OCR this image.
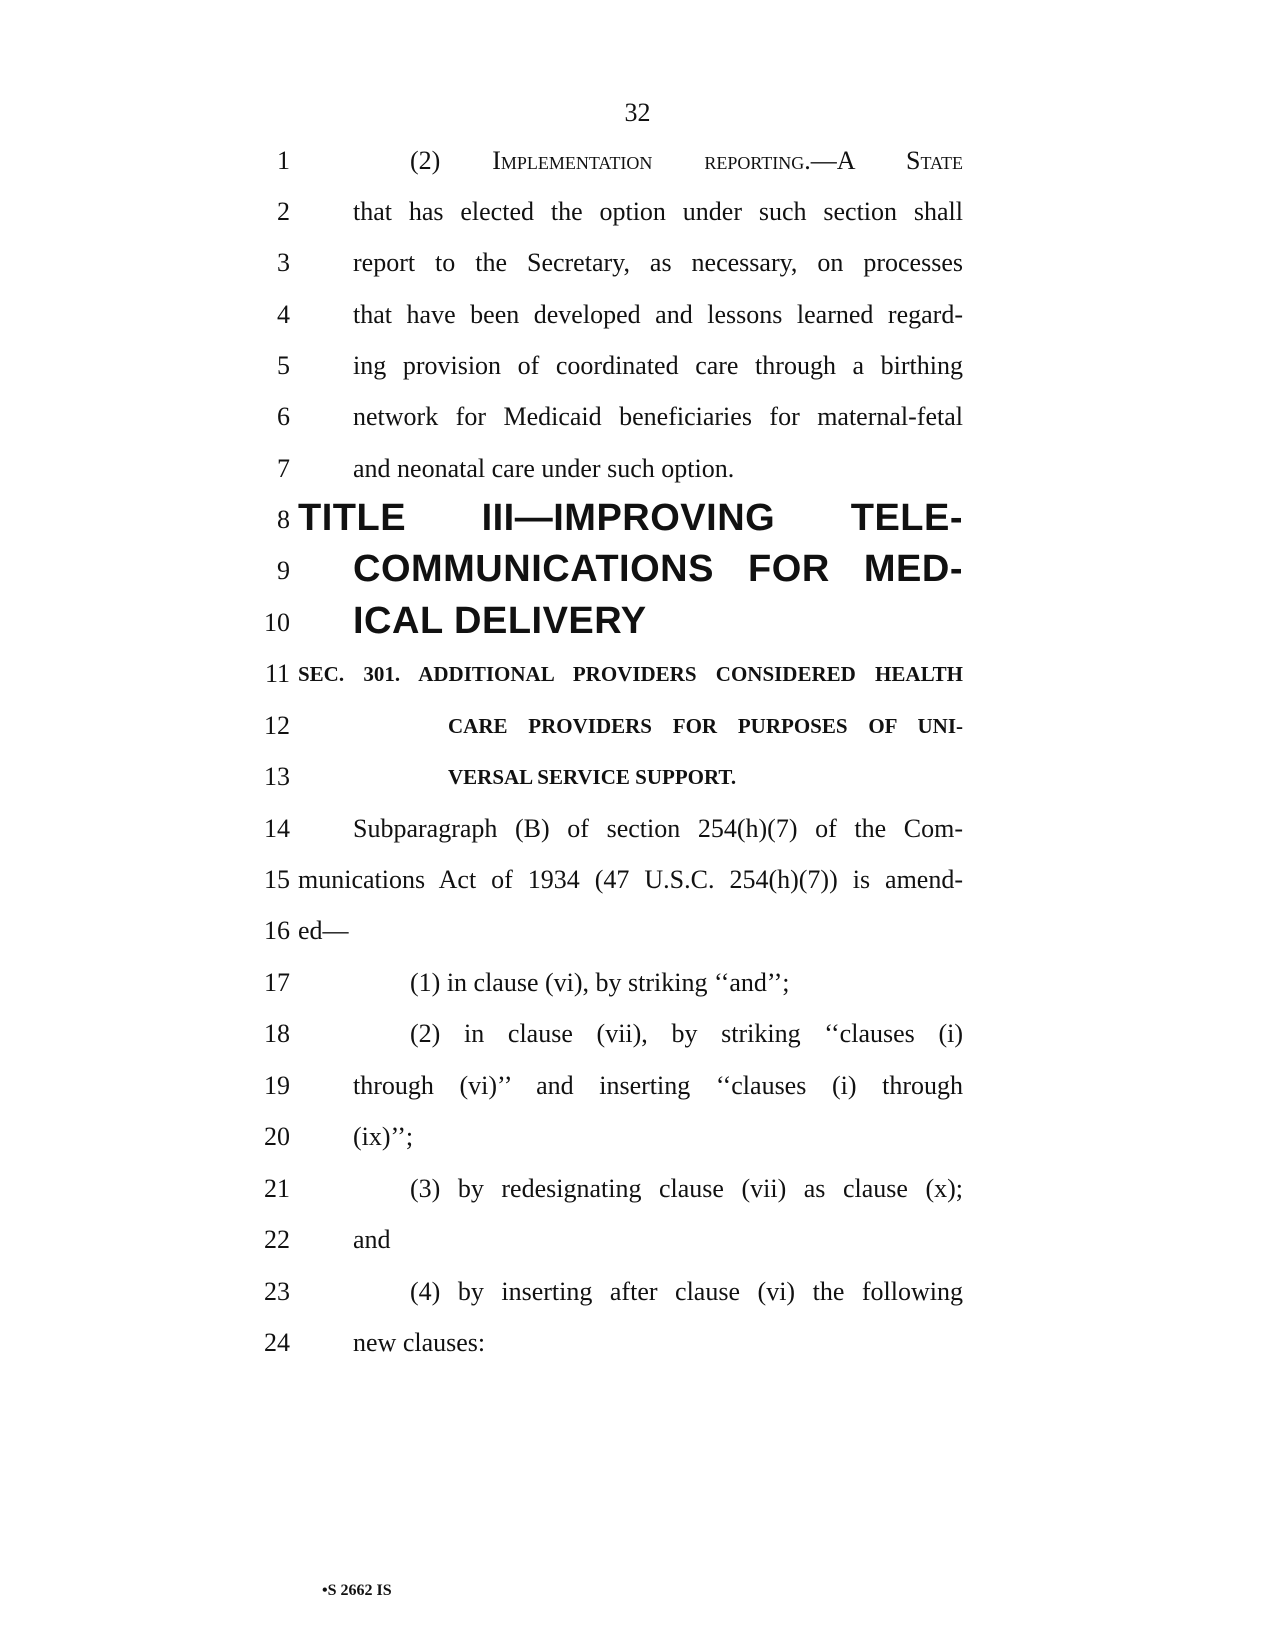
32
1	(2) Implementation reporting.—A State
2 that has elected the option under such section shall
3 report to the Secretary, as necessary, on processes
4 that have been developed and lessons learned regard-
5 ing provision of coordinated care through a birthing
6 network for Medicaid beneficiaries for maternal-fetal
7 and neonatal care under such option.
8 TITLE III—IMPROVING TELE-
9 COMMUNICATIONS FOR MED-
10 ICAL DELIVERY
11 SEC. 301. ADDITIONAL PROVIDERS CONSIDERED HEALTH
12	CARE PROVIDERS FOR PURPOSES OF UNI-
13	VERSAL SERVICE SUPPORT.
14 Subparagraph (B) of section 254(h)(7) of the Com-
15 munications Act of 1934 (47 U.S.C. 254(h)(7)) is amend-
16 ed—
17	(1) in clause (vi), by striking ‘‘and’’;
18	(2) in clause (vii), by striking ‘‘clauses (i)
19 through (vi)’’ and inserting ‘‘clauses (i) through
20 (ix)’’;
21	(3) by redesignating clause (vii) as clause (x);
22 and
23	(4) by inserting after clause (vi) the following
24 new clauses:
•S 2662 IS
